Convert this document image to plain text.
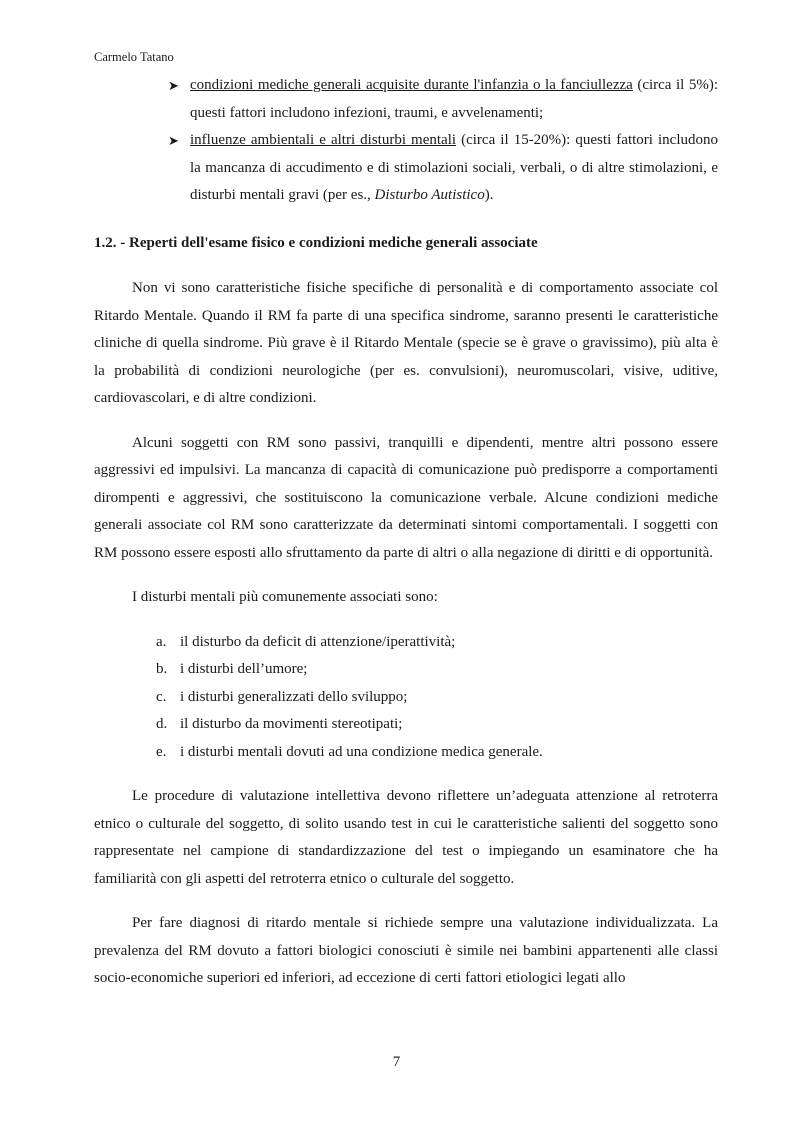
Carmelo Tatano
➤ condizioni mediche generali acquisite durante l'infanzia o la fanciullezza (circa il 5%): questi fattori includono infezioni, traumi, e avvelenamenti;
➤ influenze ambientali e altri disturbi mentali (circa il 15-20%): questi fattori includono la mancanza di accudimento e di stimolazioni sociali, verbali, o di altre stimolazioni, e disturbi mentali gravi (per es., Disturbo Autistico).
1.2. - Reperti dell'esame fisico e condizioni mediche generali associate

Non vi sono caratteristiche fisiche specifiche di personalità e di comportamento associate col Ritardo Mentale. Quando il RM fa parte di una specifica sindrome, saranno presenti le caratteristiche cliniche di quella sindrome. Più grave è il Ritardo Mentale (specie se è grave o gravissimo), più alta è la probabilità di condizioni neurologiche (per es. convulsioni), neuromuscolari, visive, uditive, cardiovascolari, e di altre condizioni.

Alcuni soggetti con RM sono passivi, tranquilli e dipendenti, mentre altri possono essere aggressivi ed impulsivi. La mancanza di capacità di comunicazione può predisporre a comportamenti dirompenti e aggressivi, che sostituiscono la comunicazione verbale. Alcune condizioni mediche generali associate col RM sono caratterizzate da determinati sintomi comportamentali. I soggetti con RM possono essere esposti allo sfruttamento da parte di altri o alla negazione di diritti e di opportunità.

I disturbi mentali più comunemente associati sono:

a. il disturbo da deficit di attenzione/iperattività;
b. i disturbi dell’umore;
c. i disturbi generalizzati dello sviluppo;
d. il disturbo da movimenti stereotipati;
e. i disturbi mentali dovuti ad una condizione medica generale.

Le procedure di valutazione intellettiva devono riflettere un’adeguata attenzione al retroterra etnico o culturale del soggetto, di solito usando test in cui le caratteristiche salienti del soggetto sono rappresentate nel campione di standardizzazione del test o impiegando un esaminatore che ha familiarità con gli aspetti del retroterra etnico o culturale del soggetto.

Per fare diagnosi di ritardo mentale si richiede sempre una valutazione individualizzata. La prevalenza del RM dovuto a fattori biologici conosciuti è simile nei bambini appartenenti alle classi socio-economiche superiori ed inferiori, ad eccezione di certi fattori etiologici legati allo

7
